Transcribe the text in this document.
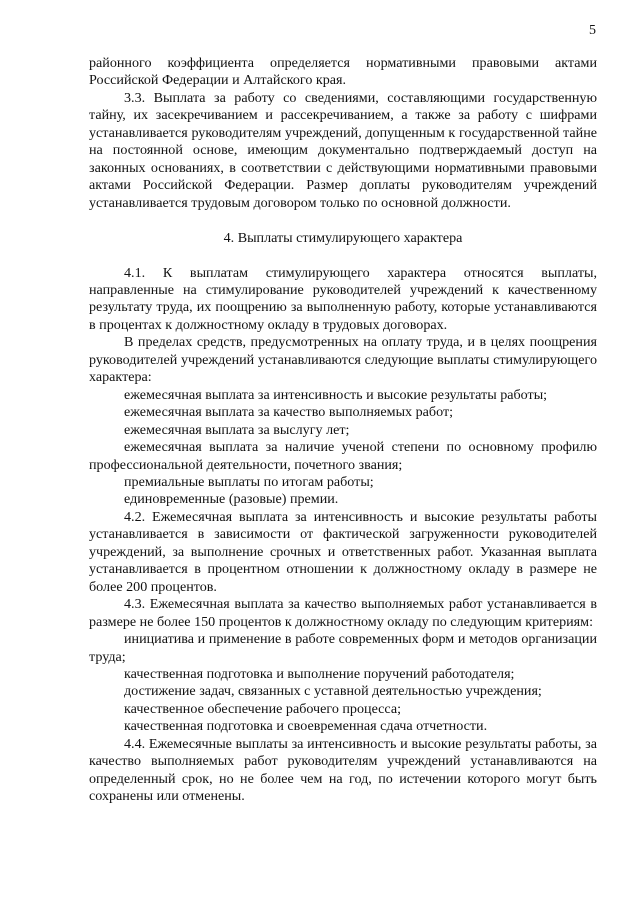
5

районного коэффициента определяется нормативными правовыми актами Российской Федерации и Алтайского края.

3.3. Выплата за работу со сведениями, составляющими государственную тайну, их засекречиванием и рассекречиванием, а также за работу с шифрами устанавливается руководителям учреждений, допущенным к государственной тайне на постоянной основе, имеющим документально подтверждаемый доступ на законных основаниях, в соответствии с действующими нормативными правовыми актами Российской Федерации. Размер доплаты руководителям учреждений устанавливается трудовым договором только по основной должности.

4. Выплаты стимулирующего характера

4.1. К выплатам стимулирующего характера относятся выплаты, направленные на стимулирование руководителей учреждений к качественному результату труда, их поощрению за выполненную работу, которые устанавливаются в процентах к должностному окладу в трудовых договорах.

В пределах средств, предусмотренных на оплату труда, и в целях поощрения руководителей учреждений устанавливаются следующие выплаты стимулирующего характера:

ежемесячная выплата за интенсивность и высокие результаты работы;

ежемесячная выплата за качество выполняемых работ;

ежемесячная выплата за выслугу лет;

ежемесячная выплата за наличие ученой степени по основному профилю профессиональной деятельности, почетного звания;

премиальные выплаты по итогам работы;

единовременные (разовые) премии.

4.2. Ежемесячная выплата за интенсивность и высокие результаты работы устанавливается в зависимости от фактической загруженности руководителей учреждений, за выполнение срочных и ответственных работ. Указанная выплата устанавливается в процентном отношении к должностному окладу в размере не более 200 процентов.

4.3. Ежемесячная выплата за качество выполняемых работ устанавливается в размере не более 150 процентов к должностному окладу по следующим критериям:

инициатива и применение в работе современных форм и методов организации труда;

качественная подготовка и выполнение поручений работодателя;

достижение задач, связанных с уставной деятельностью учреждения;

качественное обеспечение рабочего процесса;

качественная подготовка и своевременная сдача отчетности.

4.4. Ежемесячные выплаты за интенсивность и высокие результаты работы, за качество выполняемых работ руководителям учреждений устанавливаются на определенный срок, но не более чем на год, по истечении которого могут быть сохранены или отменены.
